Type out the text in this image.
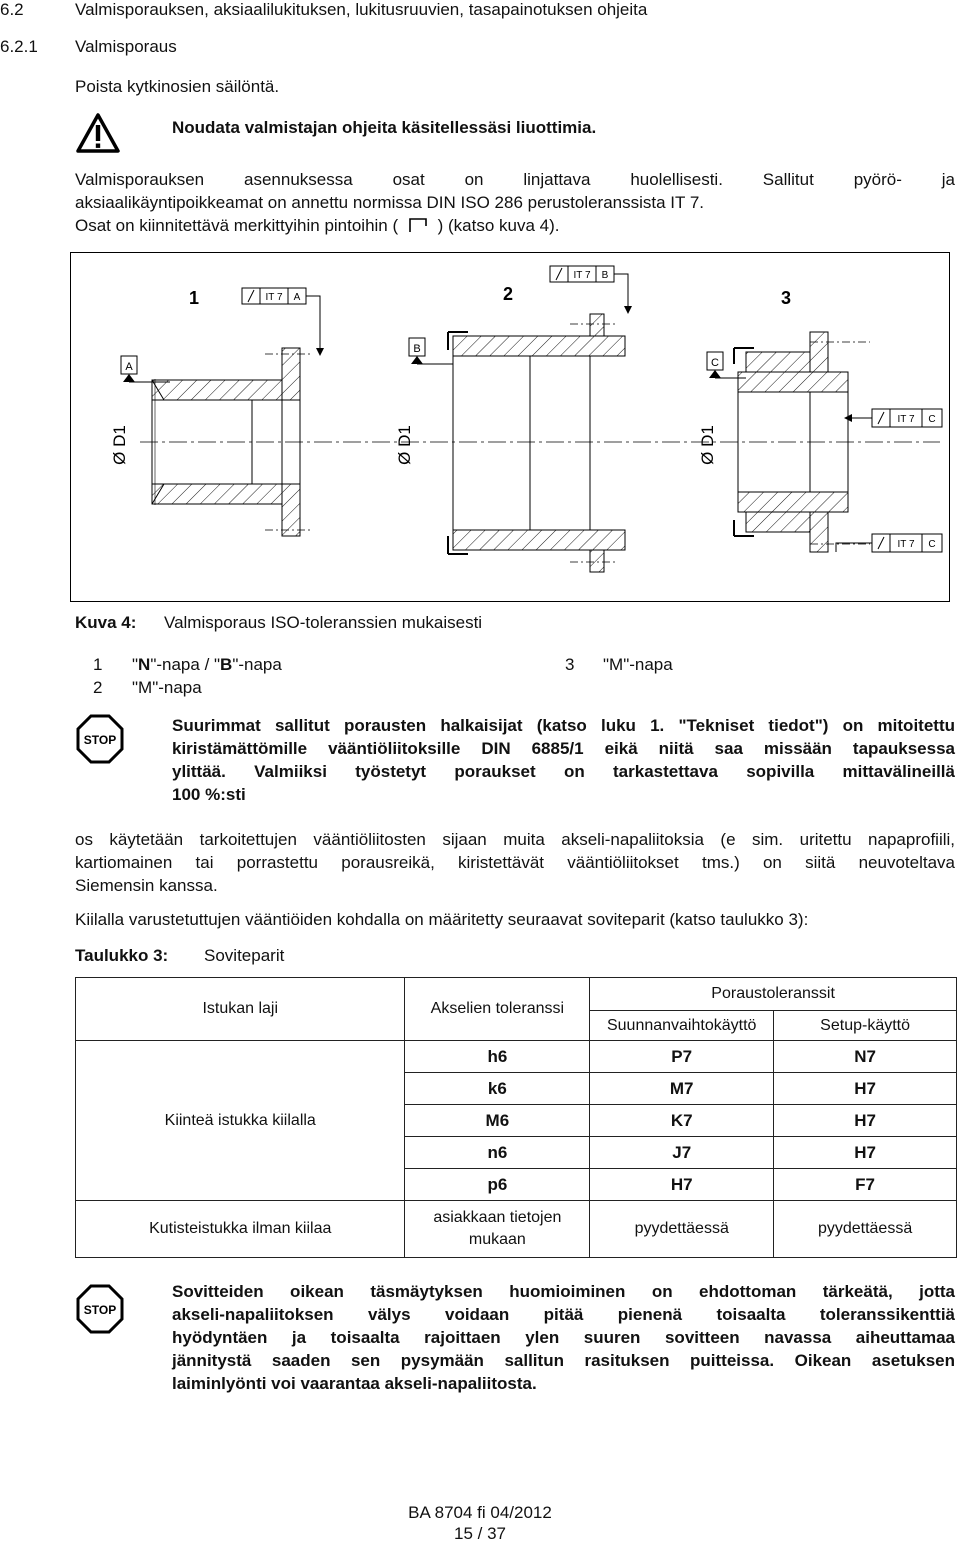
6.2	Valmisporauksen, aksiaalilukituksen, lukitusruuvien, tasapainotuksen ohjeita
6.2.1 Valmisporaus
Poista kytkinosien säilöntä.
Noudata valmistajan ohjeita käsitellessäsi liuottimia.
Valmisporauksen asennuksessa osat on linjattava huolellisesti. Sallitut pyörö- ja
aksiaalikäyntipoikkeamat on annettu normissa DIN ISO 286 perustoleranssista IT 7.
Osat on kiinnitettävä merkittyihin pintoihin ( ) (katso kuva 4).
A
Ø D1
1	IT 7 A
B
Ø D1
2
IT 7 B
C
Ø D1
3
IT 7 C
IT 7 C
Kuva 4: Valmisporaus ISO-toleranssien mukaisesti
1 "N"-napa / "B"-napa
2 "M"-napa
3 "M"-napa
STOP
Suurimmat sallitut porausten halkaisijat (katso luku 1. "Tekniset tiedot") on mitoitettu
kiristämättömille vääntiöliitoksille DIN 6885/1 eikä niitä saa missään tapauksessa
ylittää. Valmiiksi työstetyt poraukset on tarkastettava sopivilla mittavälineillä
100 %:sti
os käytetään tarkoitettujen vääntiöliitosten sijaan muita akseli-napaliitoksia (e sim. uritettu napaprofiili,
kartiomainen tai porrastettu porausreikä, kiristettävät vääntiöliitokset tms.) on siitä neuvoteltava
Siemensin kanssa.
Kiilalla varustetuttujen vääntiöiden kohdalla on määritetty seuraavat soviteparit (katso taulukko 3):
Taulukko 3: Soviteparit
Istukan laji	Akselien toleranssi	Poraustoleranssit	
		Suunnanvaihtokäyttö	Setup-käyttö
Kiinteä istukka kiilalla	h6	P7	N7
	k6	M7	H7
	M6	K7	H7
	n6	J7	H7
	p6	H7	F7
Kutisteistukka ilman kiilaa	asiakkaan tietojen mukaan	pyydettäessä	pyydettäessä
STOP
Sovitteiden oikean täsmäytyksen huomioiminen on ehdottoman tärkeätä, jotta
akseli-napaliitoksen välys voidaan pitää pienenä toisaalta toleranssikenttiä
hyödyntäen ja toisaalta rajoittaen ylen suuren sovitteen navassa aiheuttamaa
jännitystä saaden sen pysymään sallitun rasituksen puitteissa. Oikean asetuksen
laiminlyönti voi vaarantaa akseli-napaliitosta.
BA 8704 fi 04/2012
15 / 37
